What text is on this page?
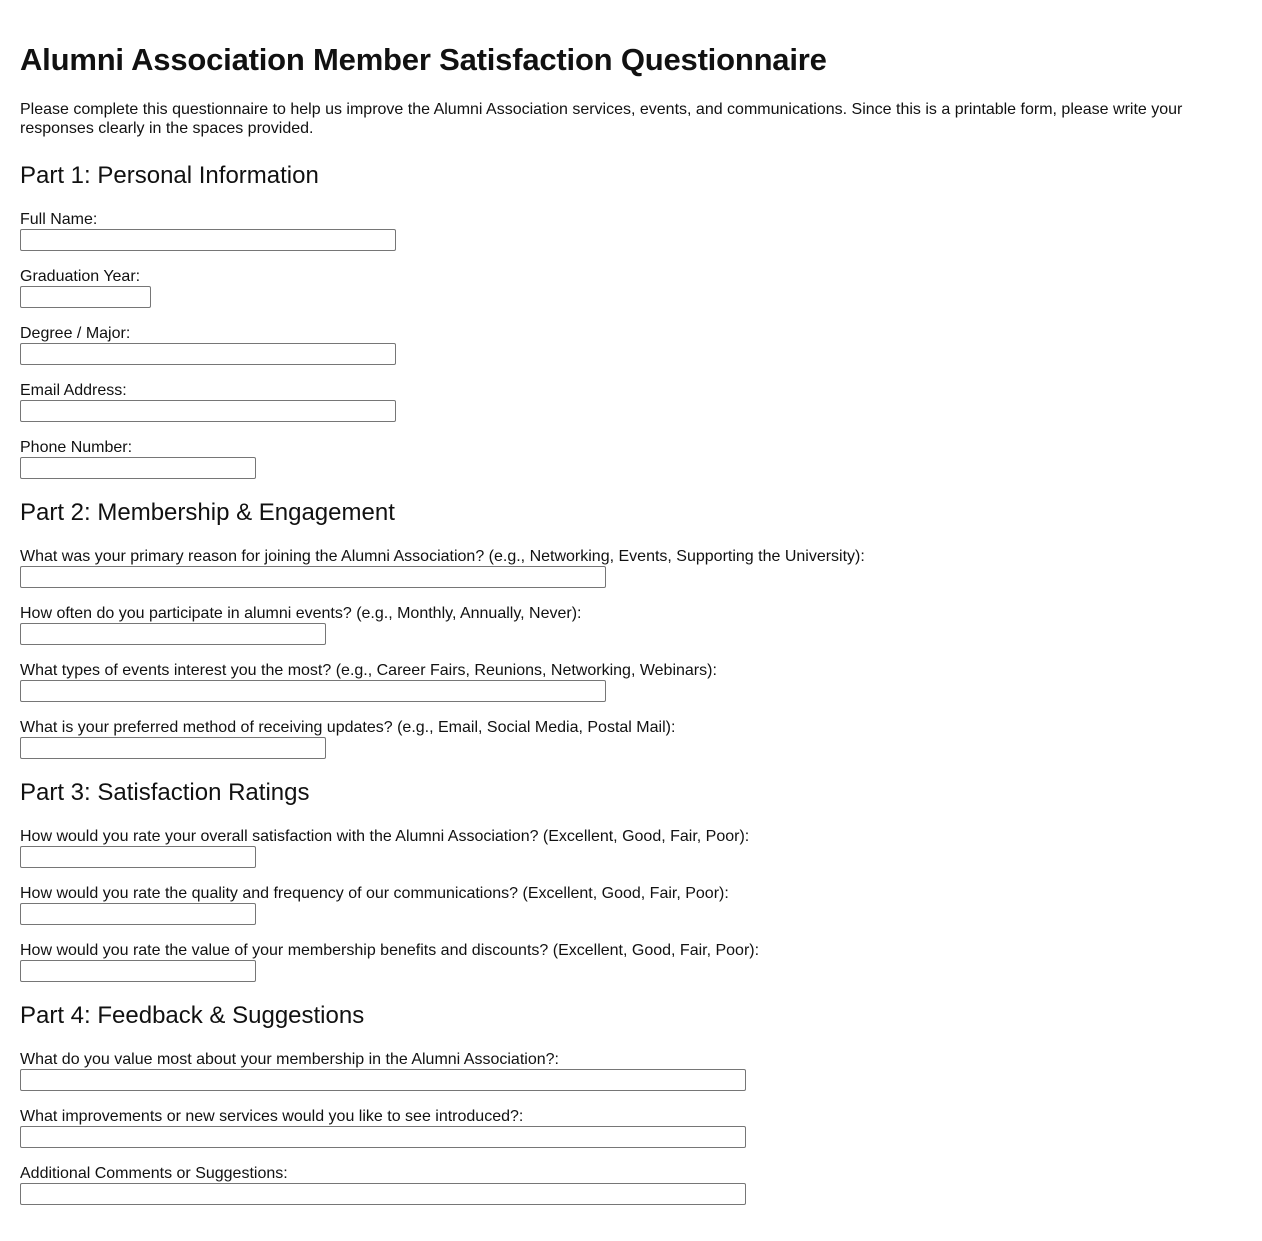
Alumni Association Member Satisfaction Questionnaire

Please complete this questionnaire to help us improve the Alumni Association services, events, and communications. Since this is a printable form, please write your responses clearly in the spaces provided.

Part 1: Personal Information
Full Name:
Graduation Year:
Degree / Major:
Email Address:
Phone Number:
Part 2: Membership & Engagement
What was your primary reason for joining the Alumni Association? (e.g., Networking, Events, Supporting the University):
How often do you participate in alumni events? (e.g., Monthly, Annually, Never):
What types of events interest you the most? (e.g., Career Fairs, Reunions, Networking, Webinars):
What is your preferred method of receiving updates? (e.g., Email, Social Media, Postal Mail):
Part 3: Satisfaction Ratings
How would you rate your overall satisfaction with the Alumni Association? (Excellent, Good, Fair, Poor):
How would you rate the quality and frequency of our communications? (Excellent, Good, Fair, Poor):
How would you rate the value of your membership benefits and discounts? (Excellent, Good, Fair, Poor):
Part 4: Feedback & Suggestions
What do you value most about your membership in the Alumni Association?:
What improvements or new services would you like to see introduced?:
Additional Comments or Suggestions:
